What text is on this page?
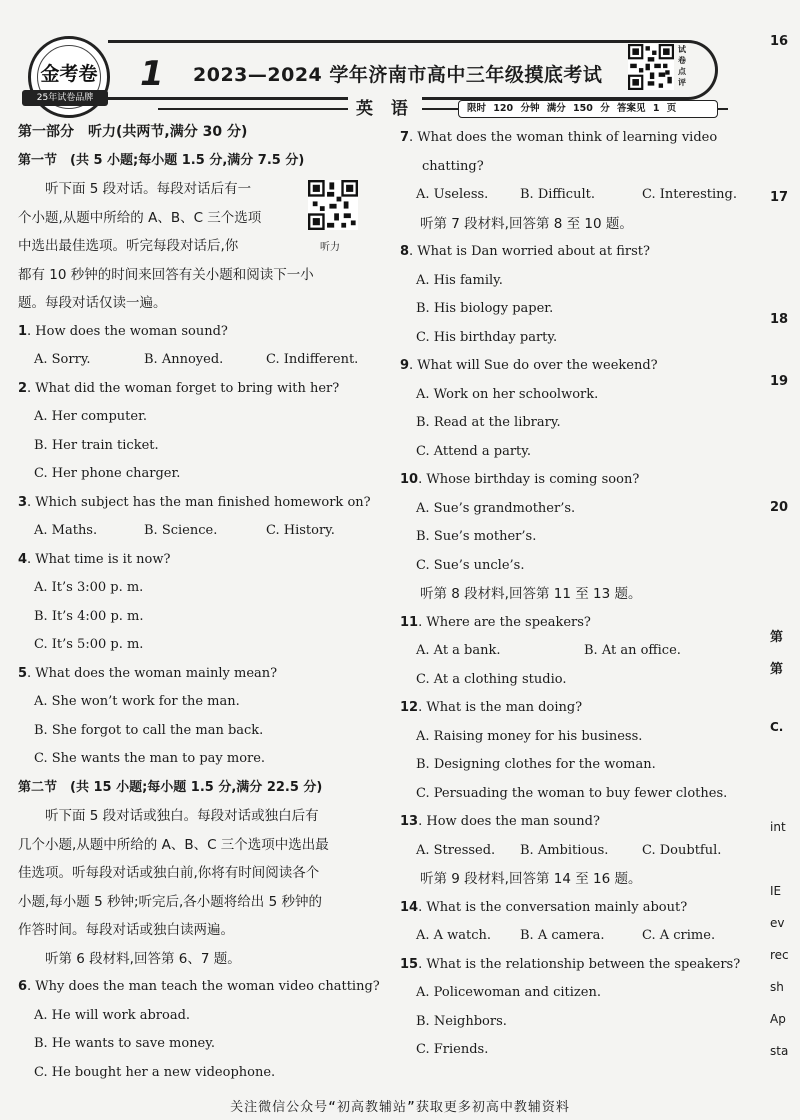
金考卷
25年试卷品牌
1 2023—2024 学年济南市高中三年级摸底考试
试卷点评
英 语	限时 120 分钟 满分 150 分 答案见 1 页
第一部分　听力(共两节,满分 30 分)
第一节　(共 5 小题;每小题 1.5 分,满分 7.5 分)
听下面 5 段对话。每段对话后有一
个小题,从题中所给的 A、B、C 三个选项
中选出最佳选项。听完每段对话后,你
都有 10 秒钟的时间来回答有关小题和阅读下一小
题。每段对话仅读一遍。
1. How does the woman sound?
A. Sorry.	B. Annoyed.	C. Indifferent.
2. What did the woman forget to bring with her?
A. Her computer.
B. Her train ticket.
C. Her phone charger.
3. Which subject has the man finished homework on?
A. Maths.	B. Science.	C. History.
4. What time is it now?
A. It’s 3:00 p. m.
B. It’s 4:00 p. m.
C. It’s 5:00 p. m.
5. What does the woman mainly mean?
A. She won’t work for the man.
B. She forgot to call the man back.
C. She wants the man to pay more.
第二节　(共 15 小题;每小题 1.5 分,满分 22.5 分)
听下面 5 段对话或独白。每段对话或独白后有
几个小题,从题中所给的 A、B、C 三个选项中选出最
佳选项。听每段对话或独白前,你将有时间阅读各个
小题,每小题 5 秒钟;听完后,各小题将给出 5 秒钟的
作答时间。每段对话或独白读两遍。
听第 6 段材料,回答第 6、7 题。
6. Why does the man teach the woman video chatting?
A. He will work abroad.
B. He wants to save money.
C. He bought her a new videophone.
听力
7. What does the woman think of learning video
chatting?
A. Useless.	B. Difficult.	C. Interesting.
听第 7 段材料,回答第 8 至 10 题。
8. What is Dan worried about at first?
A. His family.
B. His biology paper.
C. His birthday party.
9. What will Sue do over the weekend?
A. Work on her schoolwork.
B. Read at the library.
C. Attend a party.
10. Whose birthday is coming soon?
A. Sue’s grandmother’s.
B. Sue’s mother’s.
C. Sue’s uncle’s.
听第 8 段材料,回答第 11 至 13 题。
11. Where are the speakers?
A. At a bank.	B. At an office.
C. At a clothing studio.
12. What is the man doing?
A. Raising money for his business.
B. Designing clothes for the woman.
C. Persuading the woman to buy fewer clothes.
13. How does the man sound?
A. Stressed.	B. Ambitious.	C. Doubtful.
听第 9 段材料,回答第 14 至 16 题。
14. What is the conversation mainly about?
A. A watch.	B. A camera.	C. A crime.
15. What is the relationship between the speakers?
A. Policewoman and citizen.
B. Neighbors.
C. Friends.
16
17
18
19
20
第
第
C.
int
IE
ev
rec
sh
Ap
sta
关注微信公众号“初高教辅站”获取更多初高中教辅资料
